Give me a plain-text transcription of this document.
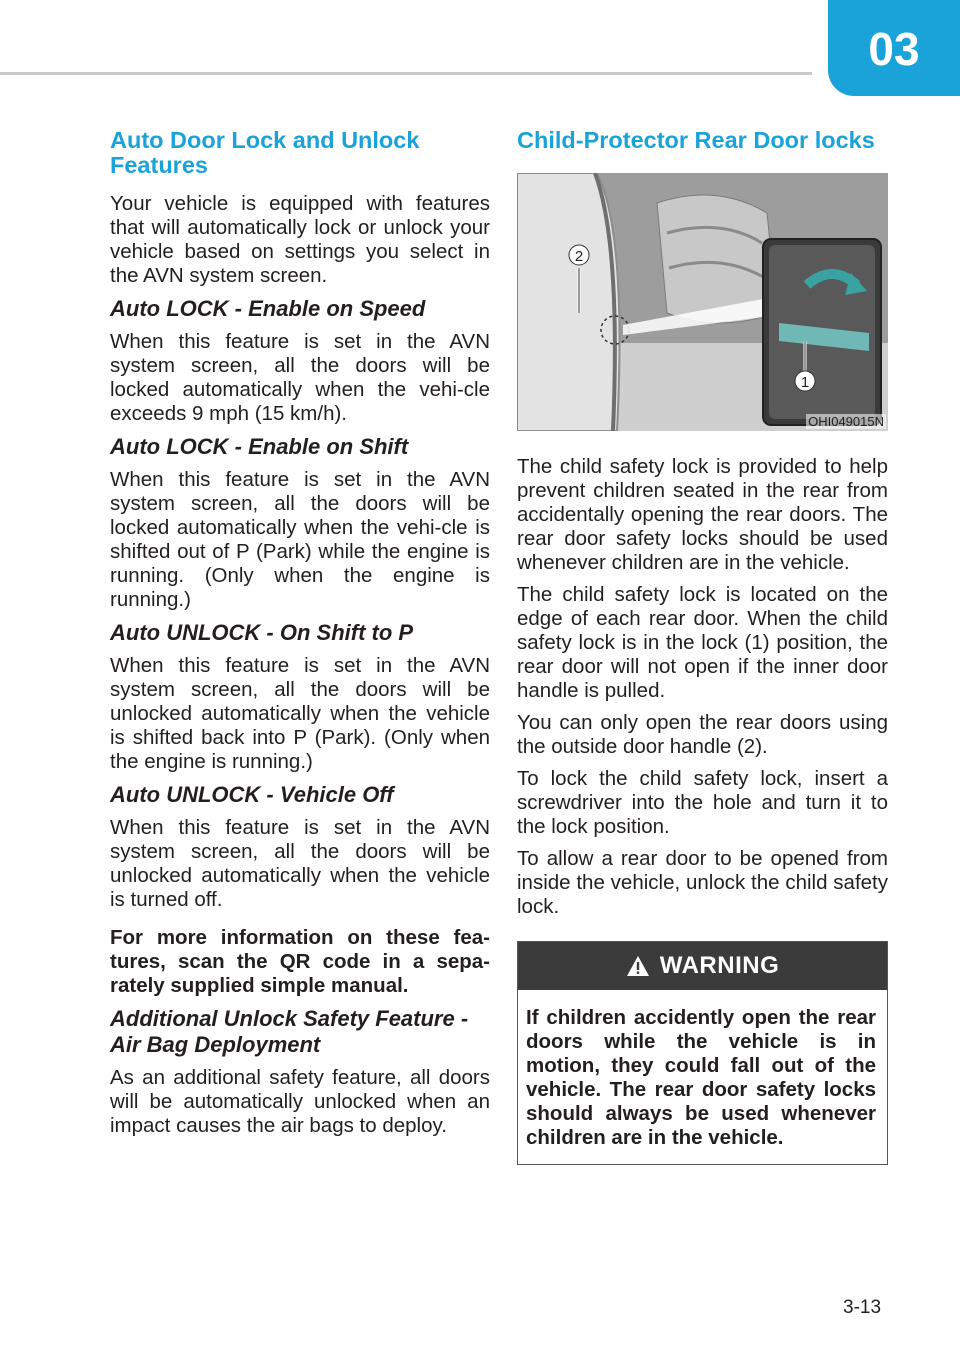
03
Auto Door Lock and Unlock Features

Your vehicle is equipped with features that will automatically lock or unlock your vehicle based on settings you select in the AVN system screen.

Auto LOCK - Enable on Speed

When this feature is set in the AVN system screen, all the doors will be locked automatically when the vehi-cle exceeds 9 mph (15 km/h).

Auto LOCK - Enable on Shift

When this feature is set in the AVN system screen, all the doors will be locked automatically when the vehi-cle is shifted out of P (Park) while the engine is running. (Only when the engine is running.)

Auto UNLOCK - On Shift to P

When this feature is set in the AVN system screen, all the doors will be unlocked automatically when the vehicle is shifted back into P (Park). (Only when the engine is running.)

Auto UNLOCK - Vehicle Off

When this feature is set in the AVN system screen, all the doors will be unlocked automatically when the vehicle is turned off.

For more information on these fea-tures, scan the QR code in a sepa-rately supplied simple manual.

Additional Unlock Safety Feature - Air Bag Deployment

As an additional safety feature, all doors will be automatically unlocked when an impact causes the air bags to deploy.

Child-Protector Rear Door locks
2
1
OHI049015N

The child safety lock is provided to help prevent children seated in the rear from accidentally opening the rear doors. The rear door safety locks should be used whenever children are in the vehicle.

The child safety lock is located on the edge of each rear door. When the child safety lock is in the lock (1) position, the rear door will not open if the inner door handle is pulled.

You can only open the rear doors using the outside door handle (2).

To lock the child safety lock, insert a screwdriver into the hole and turn it to the lock position.

To allow a rear door to be opened from inside the vehicle, unlock the child safety lock.

WARNING
If children accidently open the rear doors while the vehicle is in motion, they could fall out of the vehicle. The rear door safety locks should always be used whenever children are in the vehicle.
3-13
